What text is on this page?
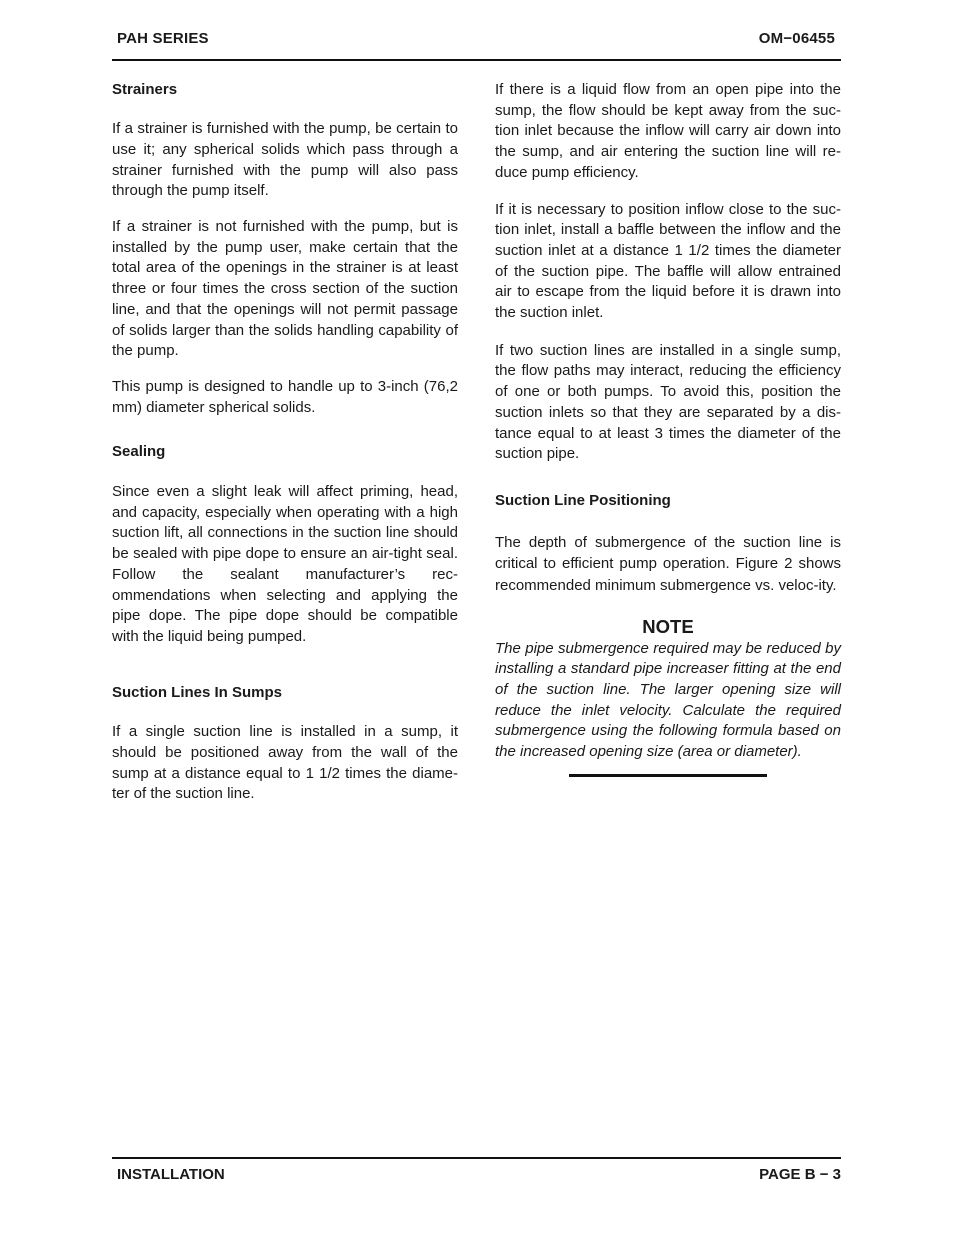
PAH SERIES	OM−06455
Strainers

If a strainer is furnished with the pump, be certain to use it; any spherical solids which pass through a strainer furnished with the pump will also pass through the pump itself.

If a strainer is not furnished with the pump, but is installed by the pump user, make certain that the total area of the openings in the strainer is at least three or four times the cross section of the suction line, and that the openings will not permit passage of solids larger than the solids handling capability of the pump.

This pump is designed to handle up to 3-inch (76,2 mm) diameter spherical solids.

Sealing

Since even a slight leak will affect priming, head, and capacity, especially when operating with a high suction lift, all connections in the suction line should be sealed with pipe dope to ensure an air-tight seal. Follow the sealant manufacturer’s rec-ommendations when selecting and applying the pipe dope. The pipe dope should be compatible with the liquid being pumped.

Suction Lines In Sumps

If a single suction line is installed in a sump, it should be positioned away from the wall of the sump at a distance equal to 1 1/2 times the diame-ter of the suction line.

If there is a liquid flow from an open pipe into the sump, the flow should be kept away from the suc-tion inlet because the inflow will carry air down into the sump, and air entering the suction line will re-duce pump efficiency.

If it is necessary to position inflow close to the suc-tion inlet, install a baffle between the inflow and the suction inlet at a distance 1 1/2 times the diameter of the suction pipe. The baffle will allow entrained air to escape from the liquid before it is drawn into the suction inlet.

If two suction lines are installed in a single sump, the flow paths may interact, reducing the efficiency of one or both pumps. To avoid this, position the suction inlets so that they are separated by a dis-tance equal to at least 3 times the diameter of the suction pipe.

Suction Line Positioning

The depth of submergence of the suction line is critical to efficient pump operation. Figure 2 shows recommended minimum submergence vs. veloc-ity.

NOTE

The pipe submergence required may be reduced by installing a standard pipe increaser fitting at the end of the suction line. The larger opening size will reduce the inlet velocity. Calculate the required submergence using the following formula based on the increased opening size (area or diameter).

INSTALLATION	PAGE B − 3
